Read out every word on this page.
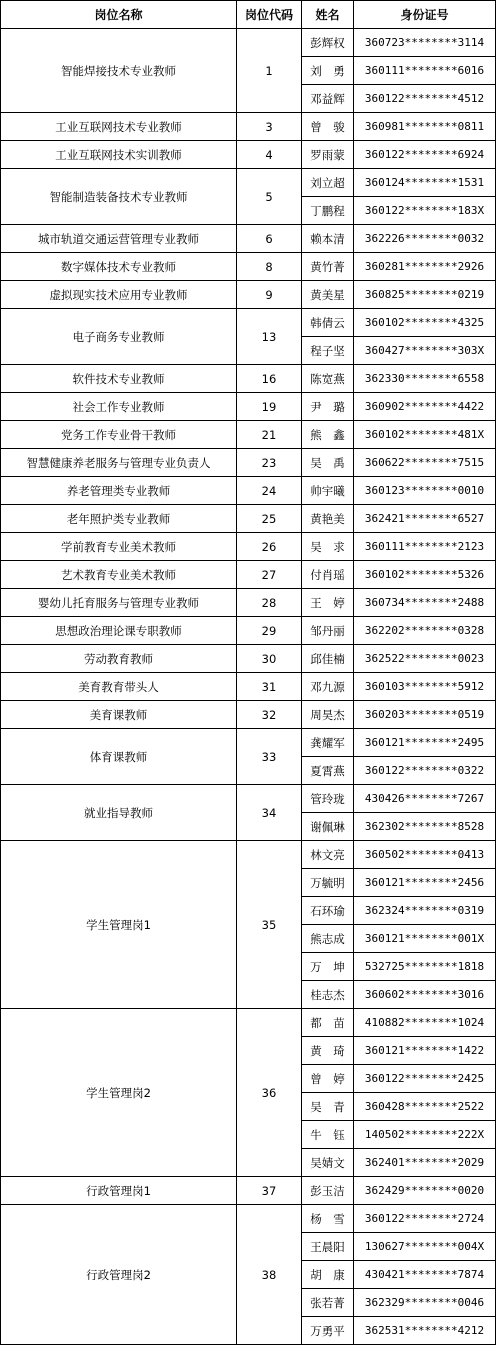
岗位名称	岗位代码	姓名	身份证号
智能焊接技术专业教师	1	彭辉权	360723********3114
		刘　勇	360111********6016
		邓益辉	360122********4512
工业互联网技术专业教师	3	曾　骏	360981********0811
工业互联网技术实训教师	4	罗雨蒙	360122********6924
智能制造装备技术专业教师	5	刘立超	360124********1531
		丁鹏程	360122********183X
城市轨道交通运营管理专业教师	6	赖本清	362226********0032
数字媒体技术专业教师	8	黄竹菁	360281********2926
虚拟现实技术应用专业教师	9	黄美星	360825********0219
电子商务专业教师	13	韩倩云	360102********4325
		程子坚	360427********303X
软件技术专业教师	16	陈宽燕	362330********6558
社会工作专业教师	19	尹　璐	360902********4422
党务工作专业骨干教师	21	熊　鑫	360102********481X
智慧健康养老服务与管理专业负责人	23	吴　禹	360622********7515
养老管理类专业教师	24	帅宇曦	360123********0010
老年照护类专业教师	25	黄艳美	362421********6527
学前教育专业美术教师	26	吴　求	360111********2123
艺术教育专业美术教师	27	付肖瑶	360102********5326
婴幼儿托育服务与管理专业教师	28	王　婷	360734********2488
思想政治理论课专职教师	29	邹丹丽	362202********0328
劳动教育教师	30	邱佳楠	362522********0023
美育教育带头人	31	邓九源	360103********5912
美育课教师	32	周昊杰	360203********0519
体育课教师	33	龚耀军	360121********2495
		夏霄燕	360122********0322
就业指导教师	34	管玲珑	430426********7267
		谢佩琳	362302********8528
学生管理岗1	35	林文亮	360502********0413
		万毓明	360121********2456
		石环瑜	362324********0319
		熊志成	360121********001X
		万　坤	532725********1818
		桂志杰	360602********3016
学生管理岗2	36	都　苗	410882********1024
		黄　琦	360121********1422
		曾　婷	360122********2425
		吴　青	360428********2522
		牛　钰	140502********222X
		吴婧文	362401********2029
行政管理岗1	37	彭玉洁	362429********0020
行政管理岗2	38	杨　雪	360122********2724
		王晨阳	130627********004X
		胡　康	430421********7874
		张若菁	362329********0046
		万勇平	362531********4212
